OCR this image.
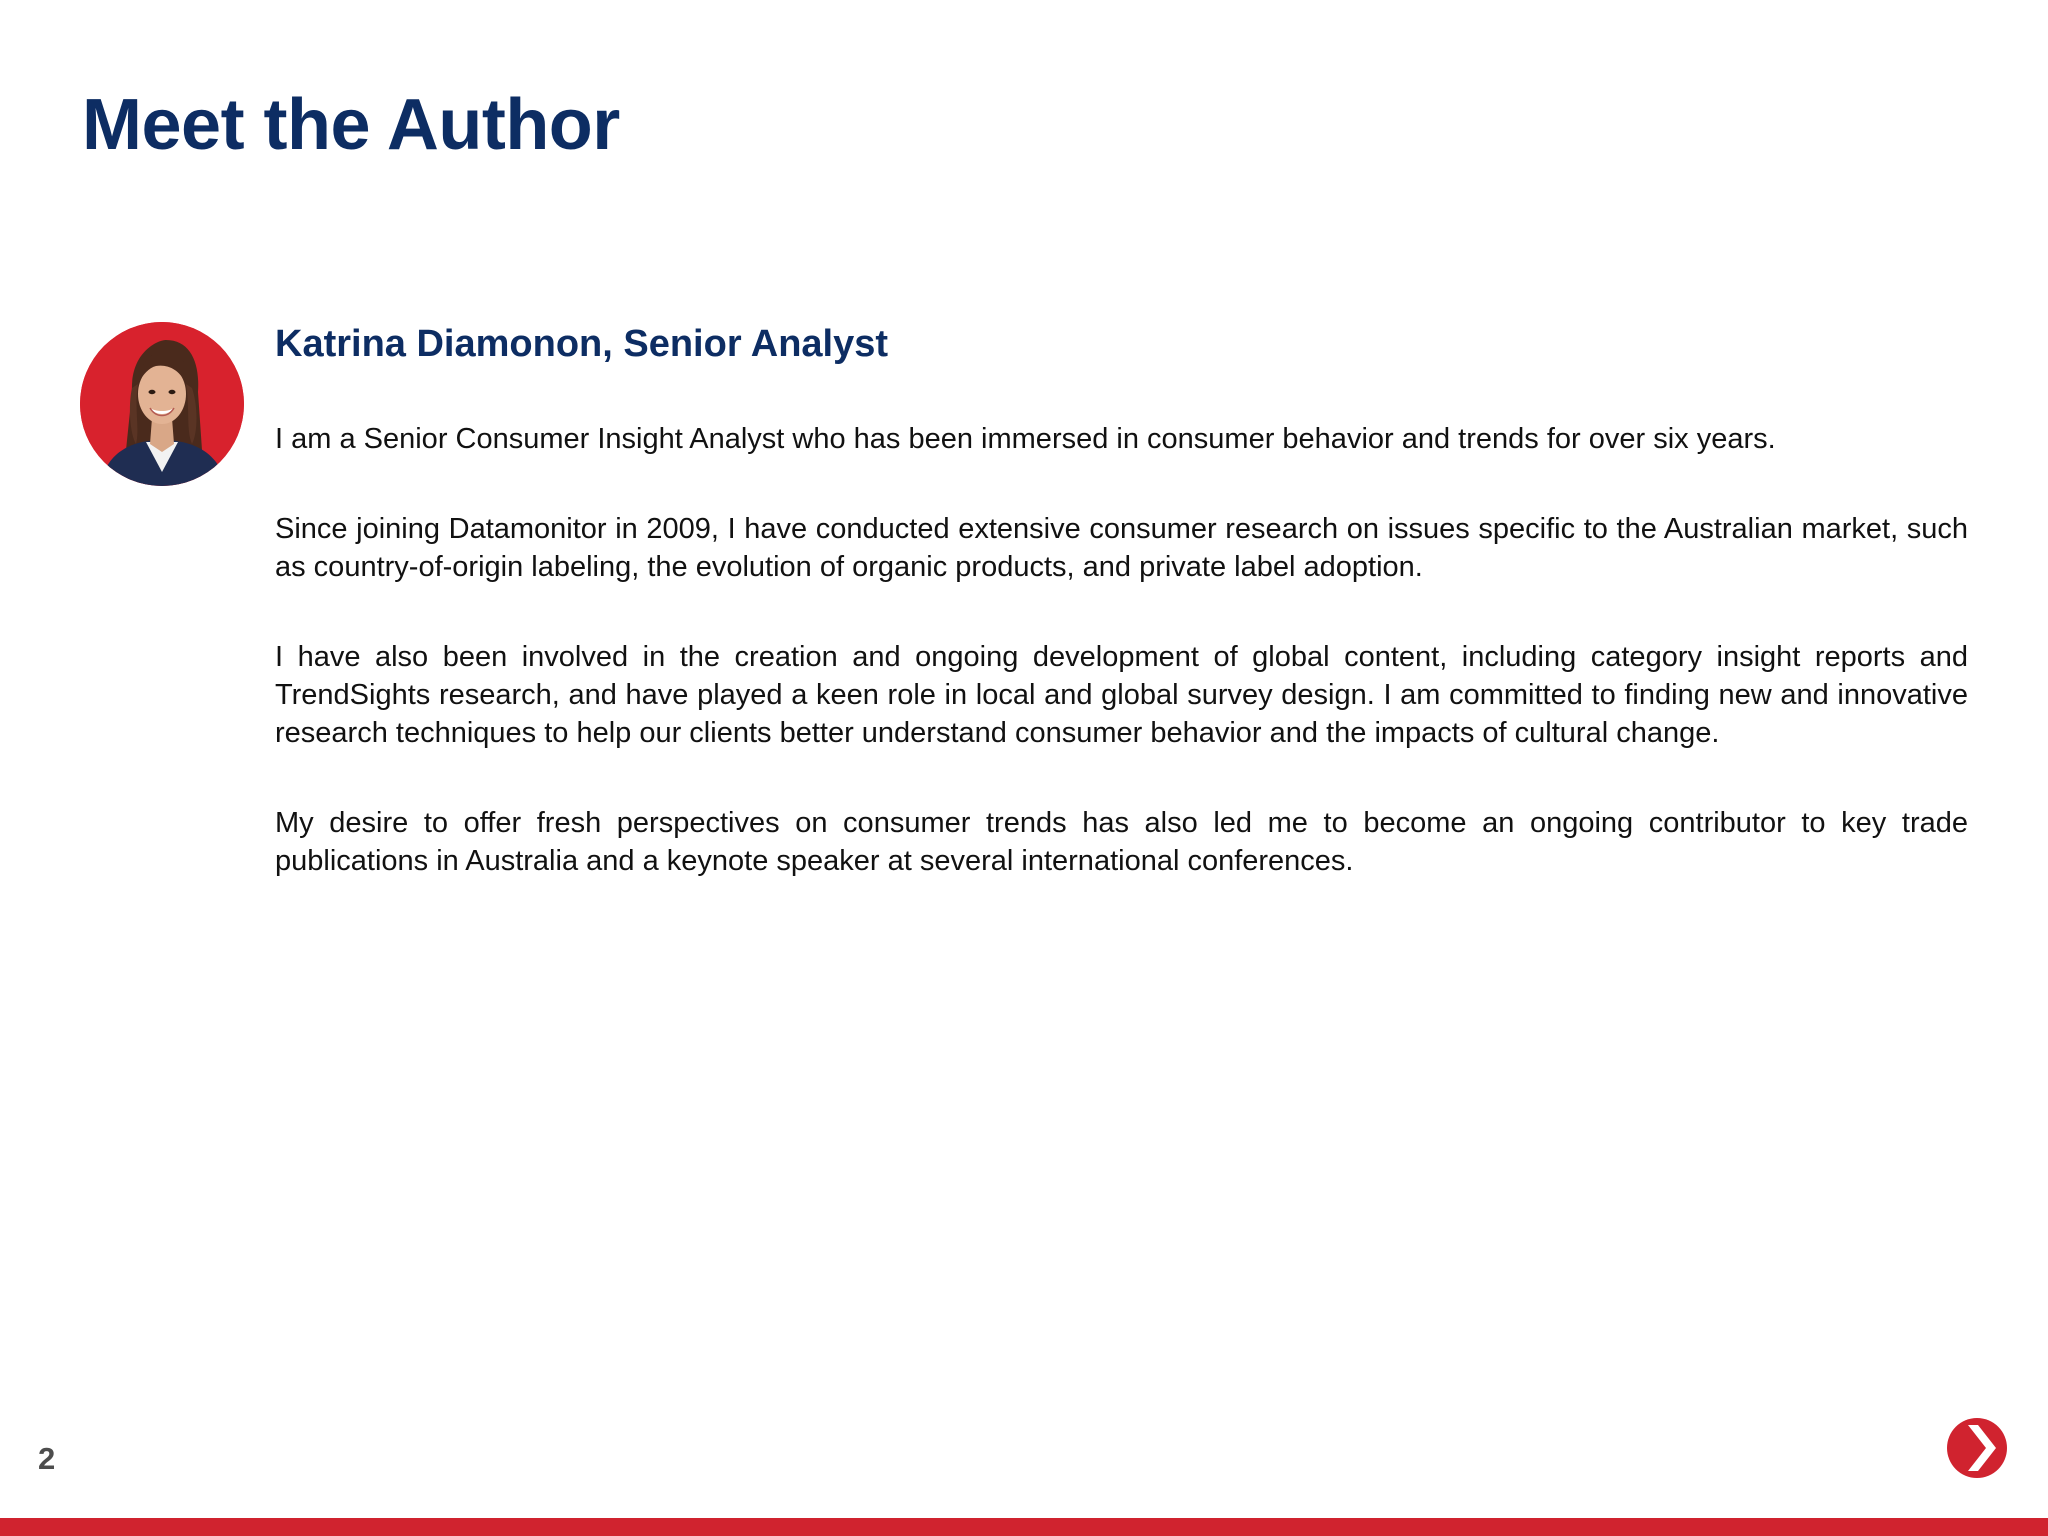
Meet the Author
Katrina Diamonon, Senior Analyst

I am a Senior Consumer Insight Analyst who has been immersed in consumer behavior and trends for over six years.

Since joining Datamonitor in 2009, I have conducted extensive consumer research on issues specific to the Australian market, such as country-of-origin labeling, the evolution of organic products, and private label adoption.

I have also been involved in the creation and ongoing development of global content, including category insight reports and TrendSights research, and have played a keen role in local and global survey design. I am committed to finding new and innovative research techniques to help our clients better understand consumer behavior and the impacts of cultural change.

My desire to offer fresh perspectives on consumer trends has also led me to become an ongoing contributor to key trade publications in Australia and a keynote speaker at several international conferences.

2
